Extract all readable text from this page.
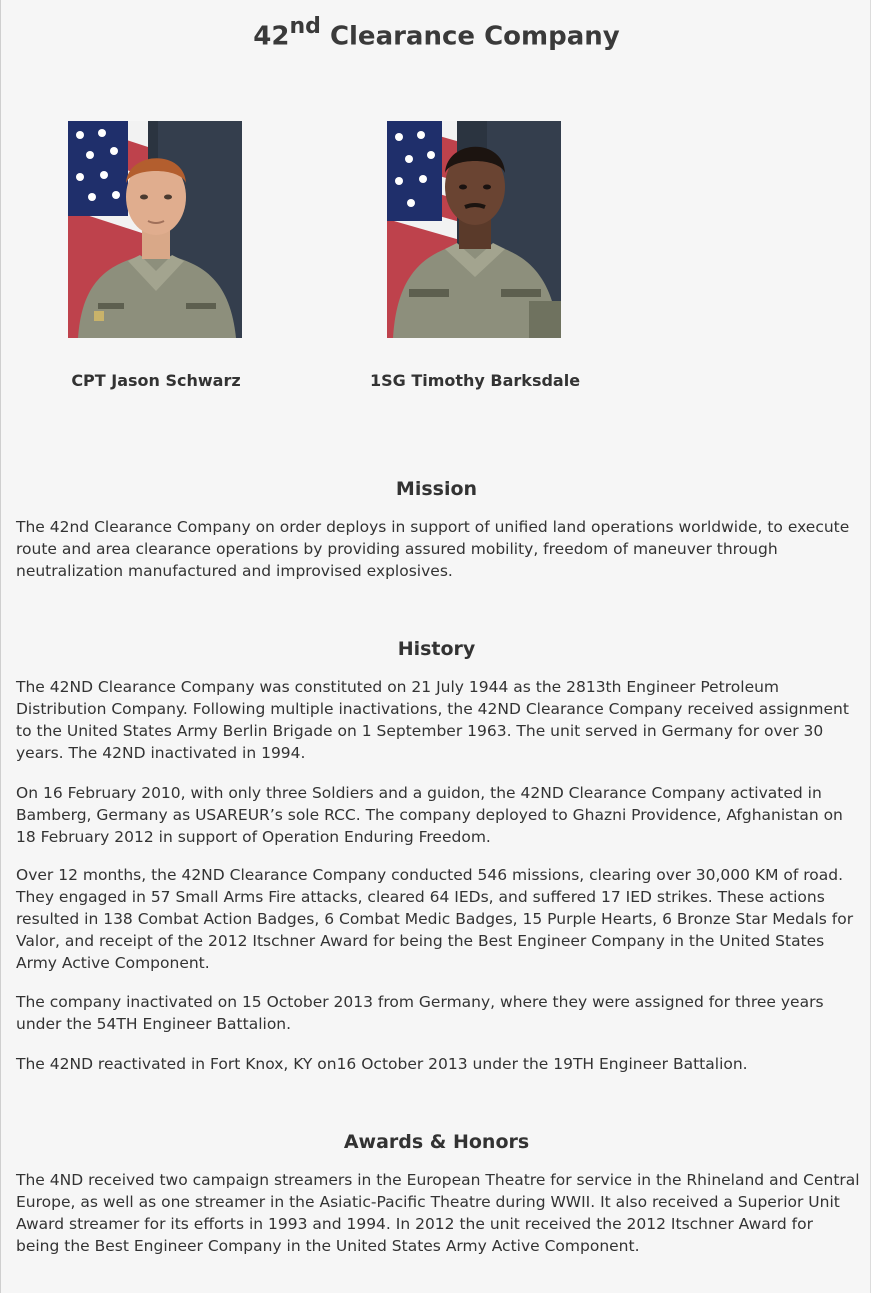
42nd Clearance Company
CPT Jason Schwarz	1SG Timothy Barksdale
Mission

The 42nd Clearance Company on order deploys in support of unified land operations worldwide, to execute route and area clearance operations by providing assured mobility, freedom of maneuver through neutralization manufactured and improvised explosives.

History

The 42ND Clearance Company was constituted on 21 July 1944 as the 2813th Engineer Petroleum Distribution Company. Following multiple inactivations, the 42ND Clearance Company received assignment to the United States Army Berlin Brigade on 1 September 1963. The unit served in Germany for over 30 years. The 42ND inactivated in 1994.

On 16 February 2010, with only three Soldiers and a guidon, the 42ND Clearance Company activated in Bamberg, Germany as USAREUR’s sole RCC. The company deployed to Ghazni Providence, Afghanistan on 18 February 2012 in support of Operation Enduring Freedom.

Over 12 months, the 42ND Clearance Company conducted 546 missions, clearing over 30,000 KM of road. They engaged in 57 Small Arms Fire attacks, cleared 64 IEDs, and suffered 17 IED strikes. These actions resulted in 138 Combat Action Badges, 6 Combat Medic Badges, 15 Purple Hearts, 6 Bronze Star Medals for Valor, and receipt of the 2012 Itschner Award for being the Best Engineer Company in the United States Army Active Component.

The company inactivated on 15 October 2013 from Germany, where they were assigned for three years under the 54TH Engineer Battalion.

The 42ND reactivated in Fort Knox, KY on16 October 2013 under the 19TH Engineer Battalion.

Awards & Honors

The 4ND received two campaign streamers in the European Theatre for service in the Rhineland and Central Europe, as well as one streamer in the Asiatic-Pacific Theatre during WWII. It also received a Superior Unit Award streamer for its efforts in 1993 and 1994. In 2012 the unit received the 2012 Itschner Award for being the Best Engineer Company in the United States Army Active Component.
